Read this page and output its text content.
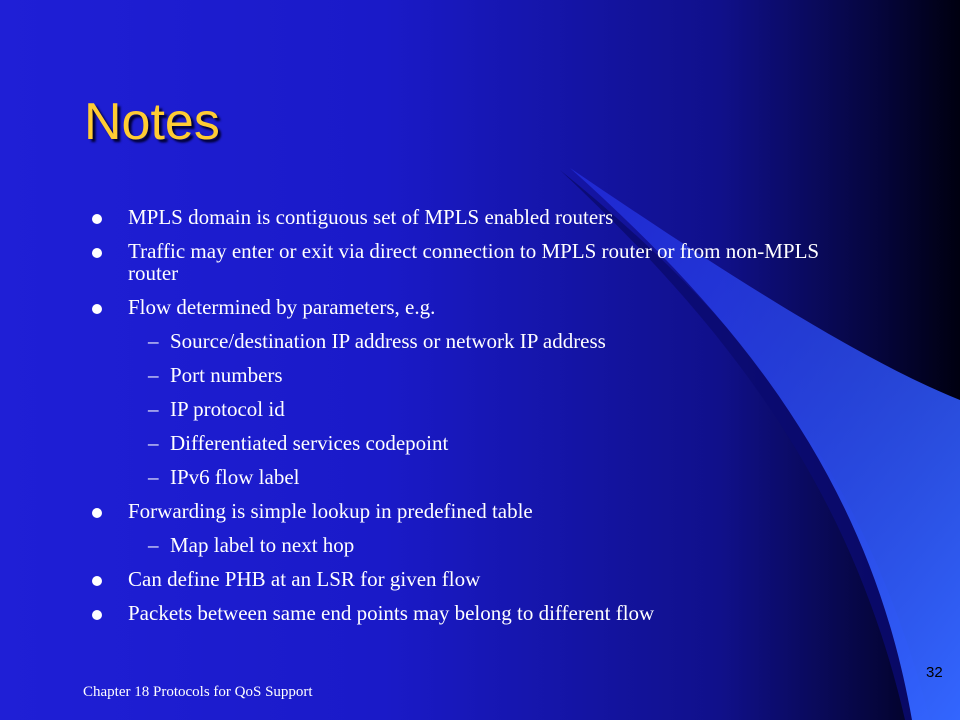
Notes
MPLS domain is contiguous set of MPLS enabled routers
Traffic may enter or exit via direct connection to MPLS router or from non-MPLS router
Flow determined by parameters, e.g.
– Source/destination IP address or network IP address
– Port numbers
– IP protocol id
– Differentiated services codepoint
– IPv6 flow label
Forwarding is simple lookup in predefined table
– Map label to next hop
Can define PHB at an LSR for given flow
Packets between same end points may belong to different flow
Chapter 18 Protocols for QoS Support
32
